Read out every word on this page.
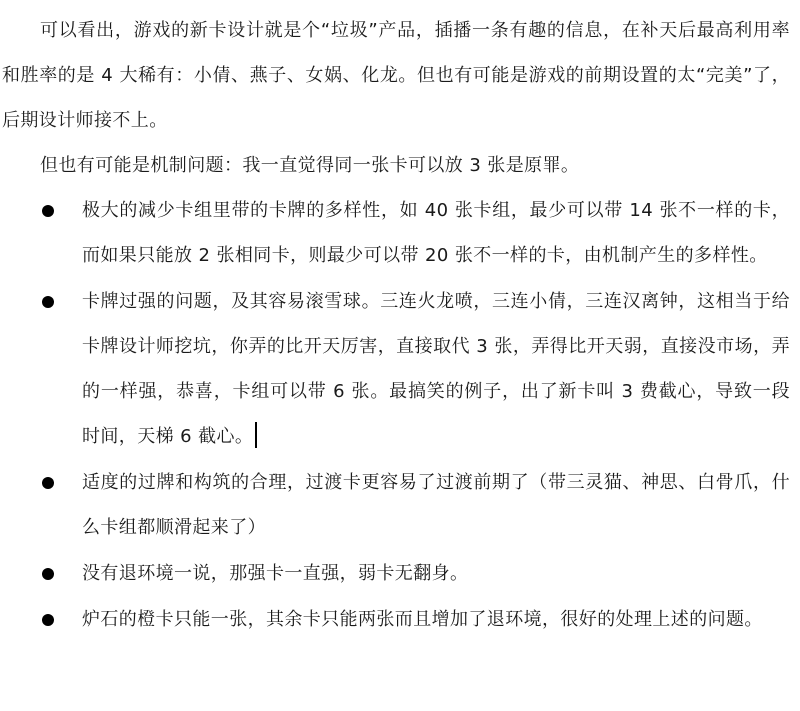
可以看出，游戏的新卡设计就是个“垃圾”产品，插播一条有趣的信息，在补天后最高利用率和胜率的是 4 大稀有：小倩、燕子、女娲、化龙。但也有可能是游戏的前期设置的太“完美”了，后期设计师接不上。

但也有可能是机制问题：我一直觉得同一张卡可以放 3 张是原罪。

极大的减少卡组里带的卡牌的多样性，如 40 张卡组，最少可以带 14 张不一样的卡，而如果只能放 2 张相同卡，则最少可以带 20 张不一样的卡，由机制产生的多样性。
卡牌过强的问题，及其容易滚雪球。三连火龙喷，三连小倩，三连汉离钟，这相当于给卡牌设计师挖坑，你弄的比开天厉害，直接取代 3 张，弄得比开天弱，直接没市场，弄的一样强，恭喜，卡组可以带 6 张。最搞笑的例子，出了新卡叫 3 费截心，导致一段时间，天梯 6 截心。
适度的过牌和构筑的合理，过渡卡更容易了过渡前期了（带三灵猫、神思、白骨爪，什么卡组都顺滑起来了）
没有退环境一说，那强卡一直强，弱卡无翻身。
炉石的橙卡只能一张，其余卡只能两张而且增加了退环境，很好的处理上述的问题。
